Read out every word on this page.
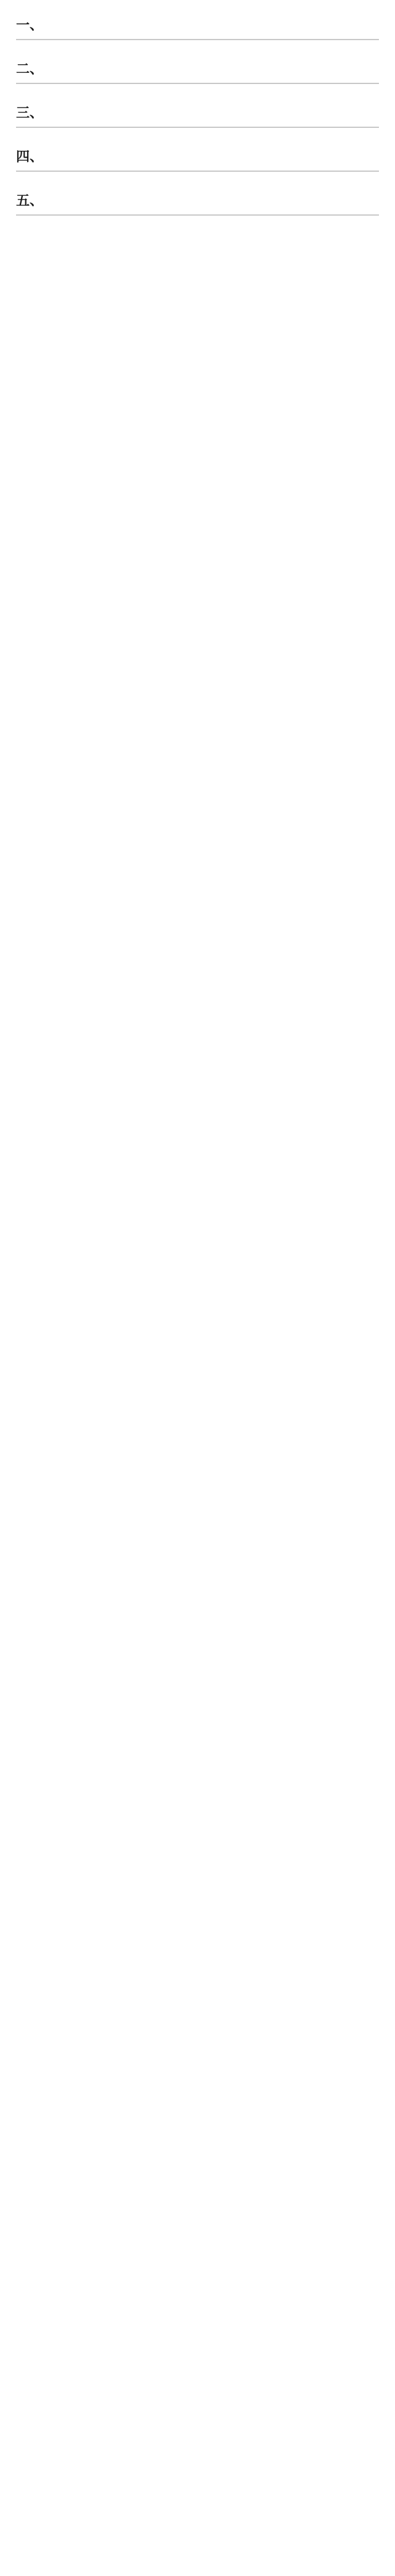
一、
二、
三、
四、
五、
